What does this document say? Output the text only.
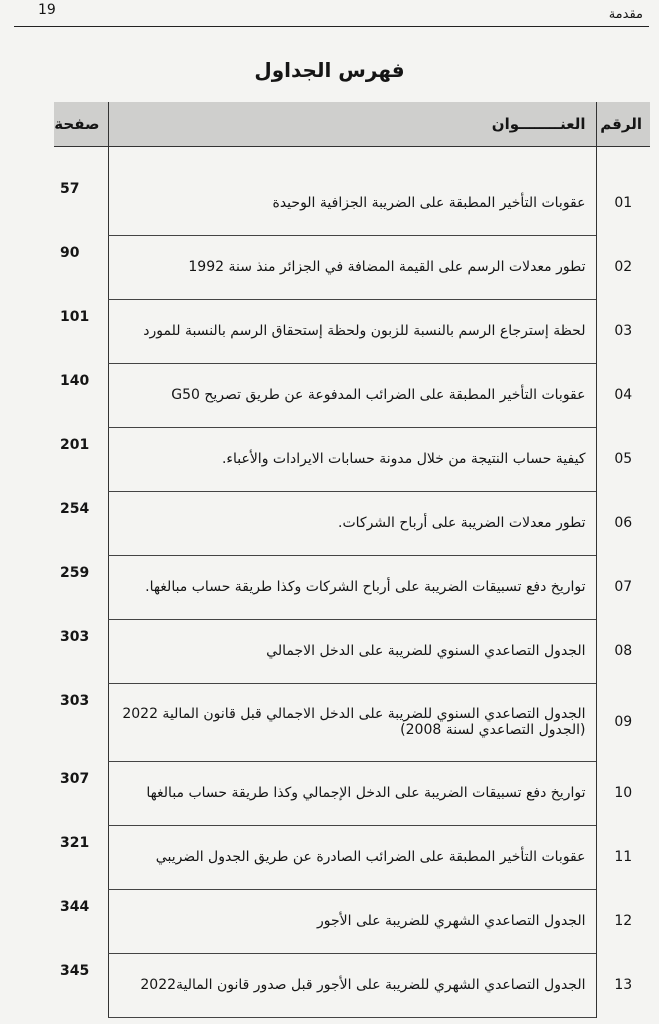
19	مقدمة
فهرس الجداول
الرقم	العنــــــــوان	صفحة

01	عقوبات التأخير المطبقة على الضريبة الجزافية الوحيدة	57
02	تطور معدلات الرسم على القيمة المضافة في الجزائر منذ سنة 1992	90
03	لحظة إسترجاع الرسم بالنسبة للزبون ولحظة إستحقاق الرسم بالنسبة للمورد	101
04	عقوبات التأخير المطبقة على الضرائب المدفوعة عن طريق تصريح G50	140
05	كيفية حساب النتيجة من خلال مدونة حسابات الايرادات والأعباء.	201
06	تطور معدلات الضريبة على أرباح الشركات.	254
07	تواريخ دفع تسبيقات الضريبة على أرباح الشركات وكذا طريقة حساب مبالغها.	259
08	الجدول التصاعدي السنوي للضريبة على الدخل الاجمالي	303
09	الجدول التصاعدي السنوي للضريبة على الدخل الاجمالي قبل قانون المالية 2022 (الجدول التصاعدي لسنة 2008)	303
10	تواريخ دفع تسبيقات الضريبة على الدخل الإجمالي وكذا طريقة حساب مبالغها	307
11	عقوبات التأخير المطبقة على الضرائب الصادرة عن طريق الجدول الضريبي	321
12	الجدول التصاعدي الشهري للضريبة على الأجور	344
13	الجدول التصاعدي الشهري للضريبة على الأجور قبل صدور قانون المالية2022	345
